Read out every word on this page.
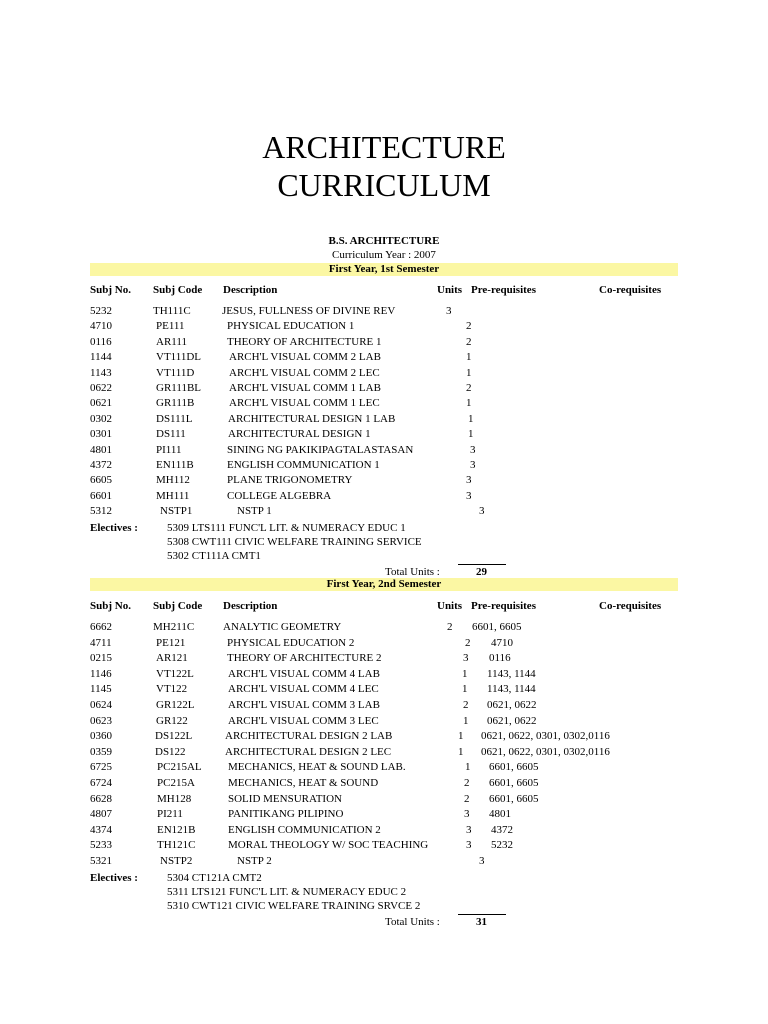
ARCHITECTURE
CURRICULUM
B.S. ARCHITECTURE
Curriculum Year : 2007
First Year, 1st Semester
Subj No. Subj Code Description	Units Pre-requisites	Co-requisites
5232	TH111C	JESUS, FULLNESS OF DIVINE REV	3
4710	PE111	PHYSICAL EDUCATION 1	2
0116	AR111	THEORY OF ARCHITECTURE 1	2
1144	VT111DL	ARCH'L VISUAL COMM 2 LAB	1
1143	VT111D	ARCH'L VISUAL COMM 2 LEC	1
0622	GR111BL	ARCH'L VISUAL COMM 1 LAB	2
0621	GR111B	ARCH'L VISUAL COMM 1 LEC	1
0302	DS111L	ARCHITECTURAL DESIGN 1 LAB	1
0301	DS111	ARCHITECTURAL DESIGN 1	1
4801	PI111	SINING NG PAKIKIPAGTALASTASAN	3
4372	EN111B	ENGLISH COMMUNICATION 1	3
6605	MH112	PLANE TRIGONOMETRY	3
6601	MH111	COLLEGE ALGEBRA	3
5312	NSTP1	NSTP 1	3
Electives :	5309 LTS111 FUNC'L LIT. & NUMERACY EDUC 1
5308 CWT111 CIVIC WELFARE TRAINING SERVICE
5302 CT111A CMT1
Total Units :	29
First Year, 2nd Semester
Subj No. Subj Code Description	Units Pre-requisites	Co-requisites
6662	MH211C	ANALYTIC GEOMETRY	2 6601, 6605
4711	PE121	PHYSICAL EDUCATION 2	2 4710
0215	AR121	THEORY OF ARCHITECTURE 2	3 0116
1146	VT122L	ARCH'L VISUAL COMM 4 LAB	1 1143, 1144
1145	VT122	ARCH'L VISUAL COMM 4 LEC	1 1143, 1144
0624	GR122L	ARCH'L VISUAL COMM 3 LAB	2 0621, 0622
0623	GR122	ARCH'L VISUAL COMM 3 LEC	1 0621, 0622
0360	DS122L	ARCHITECTURAL DESIGN 2 LAB	1 0621, 0622, 0301, 0302,0116
0359	DS122	ARCHITECTURAL DESIGN 2 LEC	1 0621, 0622, 0301, 0302,0116
6725	PC215AL MECHANICS, HEAT & SOUND LAB.	1 6601, 6605
6724	PC215A	MECHANICS, HEAT & SOUND	2 6601, 6605
6628	MH128	SOLID MENSURATION	2 6601, 6605
4807	PI211	PANITIKANG PILIPINO	3 4801
4374	EN121B	ENGLISH COMMUNICATION 2	3 4372
5233	TH121C	MORAL THEOLOGY W/ SOC TEACHING	3 5232
5321	NSTP2	NSTP 2	3
Electives :	5304 CT121A CMT2
5311 LTS121 FUNC'L LIT. & NUMERACY EDUC 2
5310 CWT121 CIVIC WELFARE TRAINING SRVCE 2
Total Units :	31
